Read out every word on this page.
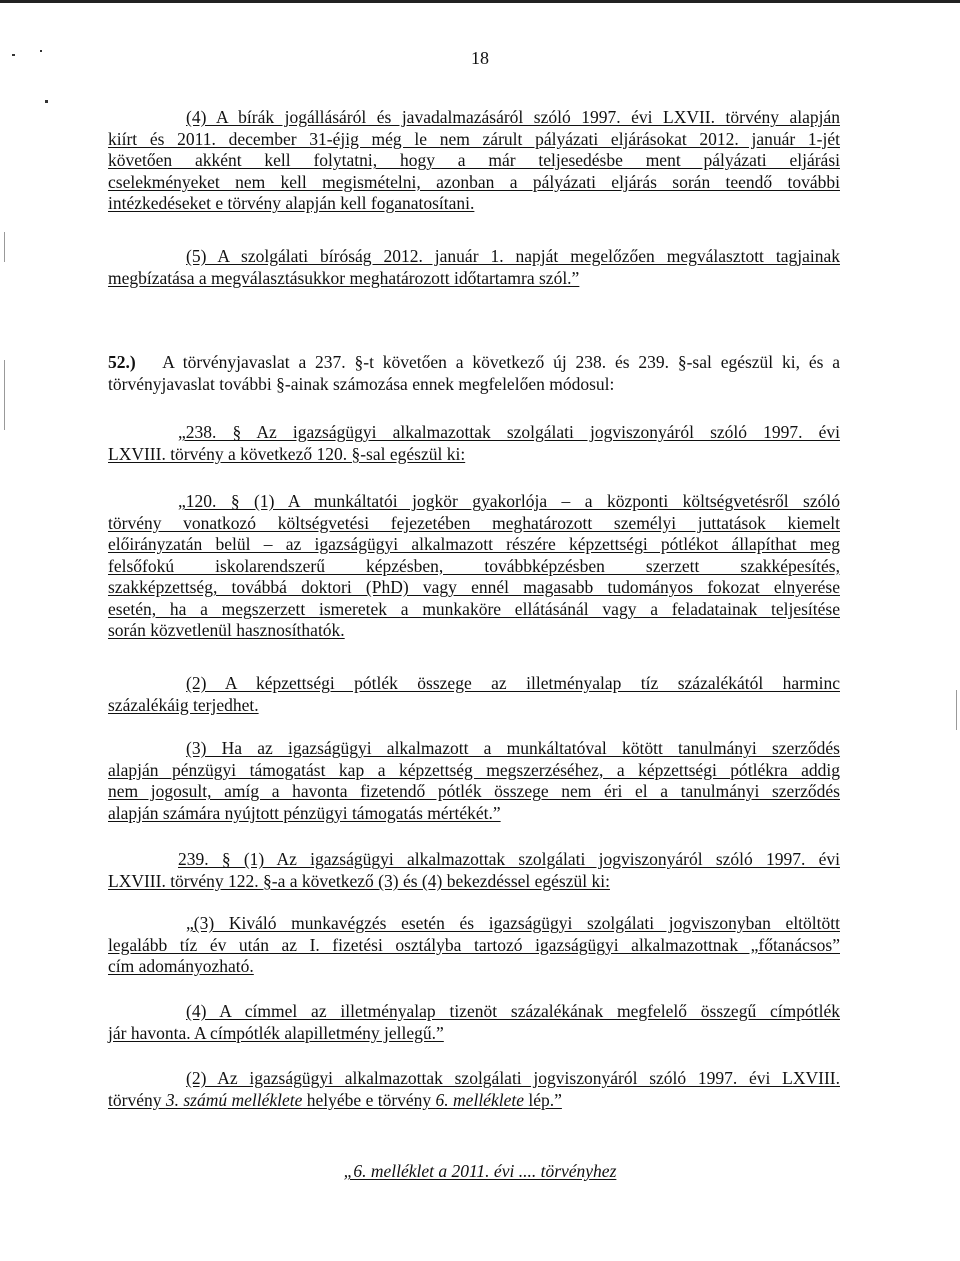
18
(4) A bírák jogállásáról és javadalmazásáról szóló 1997. évi LXVII. törvény alapján
kiírt és 2011. december 31-éjig még le nem zárult pályázati eljárásokat 2012. január 1-jét
követően akként kell folytatni, hogy a már teljesedésbe ment pályázati eljárási
cselekményeket nem kell megismételni, azonban a pályázati eljárás során teendő további
intézkedéseket e törvény alapján kell foganatosítani.
(5) A szolgálati bíróság 2012. január 1. napját megelőzően megválasztott tagjainak
megbízatása a megválasztásukkor meghatározott időtartamra szól.”
52.) A törvényjavaslat a 237. §-t követően a következő új 238. és 239. §-sal egészül ki, és a
törvényjavaslat további §-ainak számozása ennek megfelelően módosul:
„238. § Az igazságügyi alkalmazottak szolgálati jogviszonyáról szóló 1997. évi
LXVIII. törvény a következő 120. §-sal egészül ki:
„120. § (1) A munkáltatói jogkör gyakorlója – a központi költségvetésről szóló
törvény vonatkozó költségvetési fejezetében meghatározott személyi juttatások kiemelt
előirányzatán belül – az igazságügyi alkalmazott részére képzettségi pótlékot állapíthat meg
felsőfokú iskolarendszerű képzésben, továbbképzésben szerzett szakképesítés,
szakképzettség, továbbá doktori (PhD) vagy ennél magasabb tudományos fokozat elnyerése
esetén, ha a megszerzett ismeretek a munkaköre ellátásánál vagy a feladatainak teljesítése
során közvetlenül hasznosíthatók.
(2) A képzettségi pótlék összege az illetményalap tíz százalékától harminc
százalékáig terjedhet.
(3) Ha az igazságügyi alkalmazott a munkáltatóval kötött tanulmányi szerződés
alapján pénzügyi támogatást kap a képzettség megszerzéséhez, a képzettségi pótlékra addig
nem jogosult, amíg a havonta fizetendő pótlék összege nem éri el a tanulmányi szerződés
alapján számára nyújtott pénzügyi támogatás mértékét.”
239. § (1) Az igazságügyi alkalmazottak szolgálati jogviszonyáról szóló 1997. évi
LXVIII. törvény 122. §-a a következő (3) és (4) bekezdéssel egészül ki:
„(3) Kiváló munkavégzés esetén és igazságügyi szolgálati jogviszonyban eltöltött
legalább tíz év után az I. fizetési osztályba tartozó igazságügyi alkalmazottnak „főtanácsos”
cím adományozható.
(4) A címmel az illetményalap tizenöt százalékának megfelelő összegű címpótlék
jár havonta. A címpótlék alapilletmény jellegű.”
(2) Az igazságügyi alkalmazottak szolgálati jogviszonyáról szóló 1997. évi LXVIII.
törvény 3. számú melléklete helyébe e törvény 6. melléklete lép.”
„6. melléklet a 2011. évi .... törvényhez
